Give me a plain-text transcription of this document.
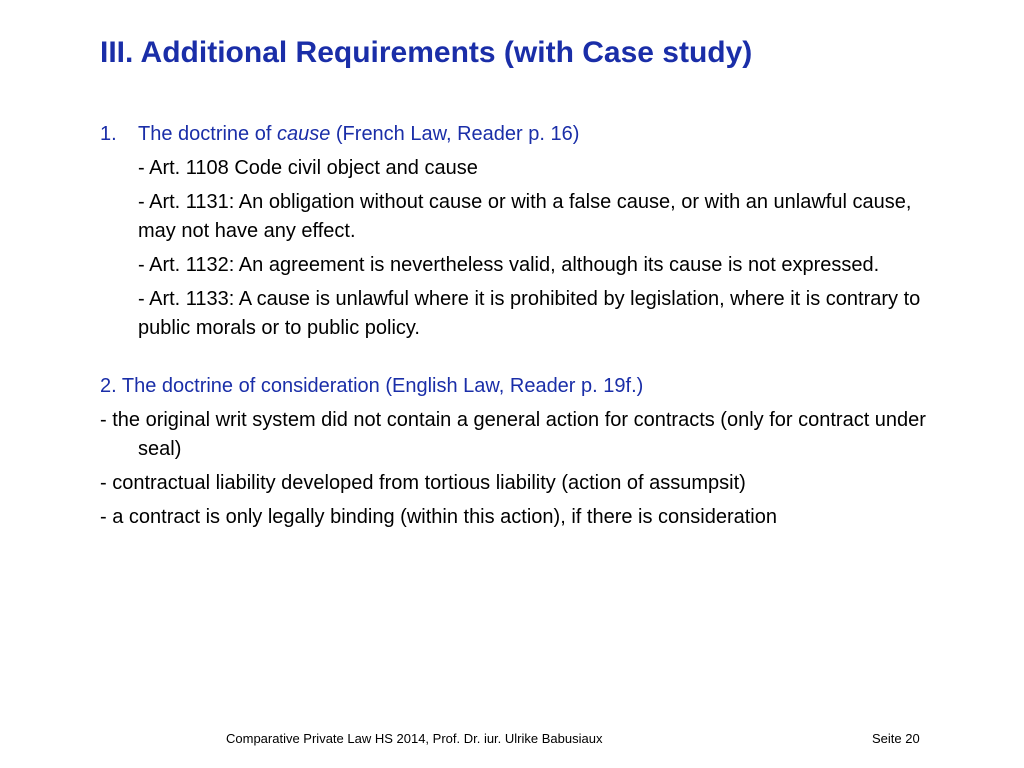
III. Additional Requirements (with Case study)
1.	The doctrine of cause (French Law, Reader p. 16)
- Art. 1108 Code civil object and cause
- Art. 1131: An obligation without cause or with a false cause, or with an unlawful cause, may not have any effect.
- Art. 1132: An agreement is nevertheless valid, although its cause is not expressed.
- Art. 1133: A cause is unlawful where it is prohibited by legislation, where it is contrary to public morals or to public policy.
2. The doctrine of consideration (English Law, Reader p. 19f.)
- the original writ system did not contain a general action for contracts (only for contract under seal)
- contractual liability developed from tortious liability (action of assumpsit)
- a contract is only legally binding (within this action), if there is consideration
Comparative Private Law HS 2014, Prof. Dr. iur. Ulrike Babusiaux	Seite 20
